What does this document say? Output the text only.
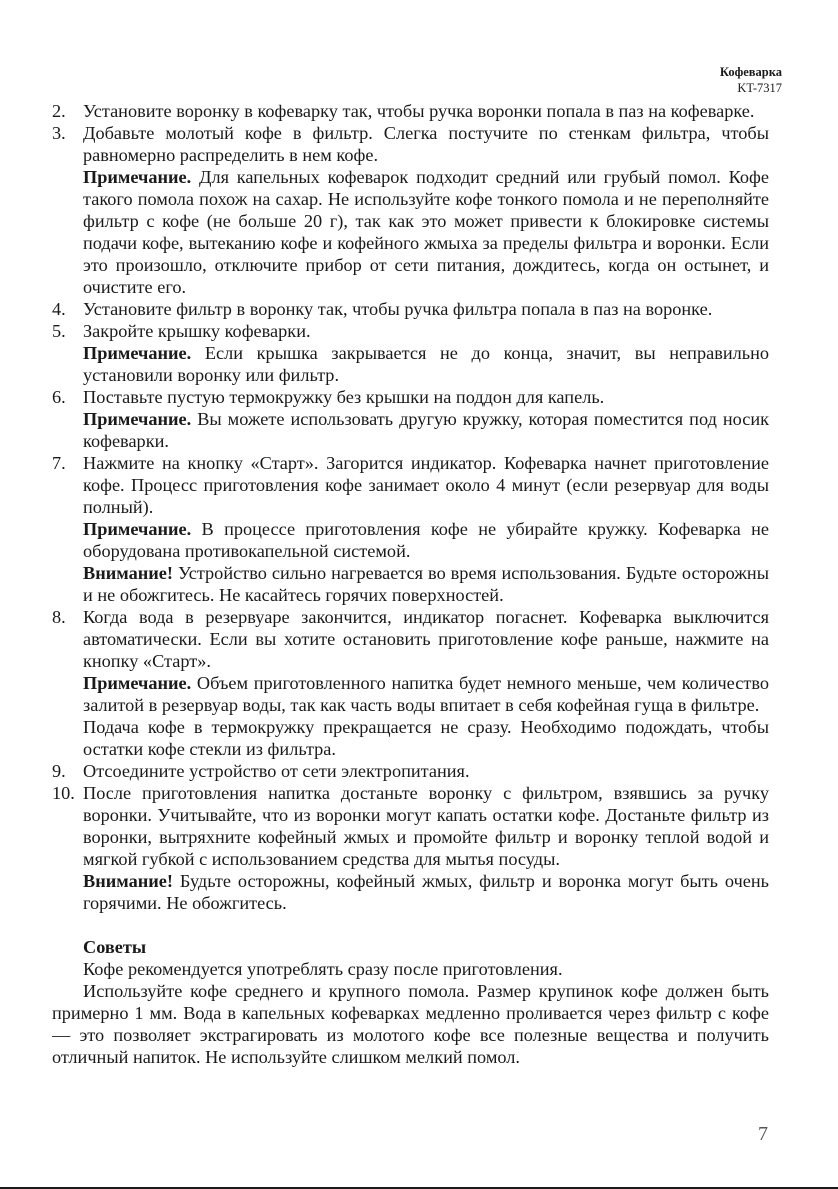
Кофеварка
KT-7317
2. Установите воронку в кофеварку так, чтобы ручка воронки попала в паз на кофеварке.

3. Добавьте молотый кофе в фильтр. Слегка постучите по стенкам фильтра, чтобы равномерно распределить в нем кофе.

Примечание. Для капельных кофеварок подходит средний или грубый помол. Кофе такого помола похож на сахар. Не используйте кофе тонкого помола и не переполняйте фильтр с кофе (не больше 20 г), так как это может привести к блокировке системы подачи кофе, вытеканию кофе и кофейного жмыха за пределы фильтра и воронки. Если это произошло, отключите прибор от сети питания, дождитесь, когда он остынет, и очистите его.

4. Установите фильтр в воронку так, чтобы ручка фильтра попала в паз на воронке.

5. Закройте крышку кофеварки.

Примечание. Если крышка закрывается не до конца, значит, вы неправильно установили воронку или фильтр.

6. Поставьте пустую термокружку без крышки на поддон для капель.

Примечание. Вы можете использовать другую кружку, которая поместится под носик кофеварки.

7. Нажмите на кнопку «Старт». Загорится индикатор. Кофеварка начнет приготовление кофе. Процесс приготовления кофе занимает около 4 минут (если резервуар для воды полный).

Примечание. В процессе приготовления кофе не убирайте кружку. Кофеварка не оборудована противокапельной системой.

Внимание! Устройство сильно нагревается во время использования. Будьте осторожны и не обожгитесь. Не касайтесь горячих поверхностей.

8. Когда вода в резервуаре закончится, индикатор погаснет. Кофеварка выключится автоматически. Если вы хотите остановить приготовление кофе раньше, нажмите на кнопку «Старт».

Примечание. Объем приготовленного напитка будет немного меньше, чем количество залитой в резервуар воды, так как часть воды впитает в себя кофейная гуща в фильтре.

Подача кофе в термокружку прекращается не сразу. Необходимо подождать, чтобы остатки кофе стекли из фильтра.

9. Отсоедините устройство от сети электропитания.

10. После приготовления напитка достаньте воронку с фильтром, взявшись за ручку воронки. Учитывайте, что из воронки могут капать остатки кофе. Достаньте фильтр из воронки, вытряхните кофейный жмых и промойте фильтр и воронку теплой водой и мягкой губкой с использованием средства для мытья посуды.

Внимание! Будьте осторожны, кофейный жмых, фильтр и воронка могут быть очень горячими. Не обожгитесь.

Советы

Кофе рекомендуется употреблять сразу после приготовления.

Используйте кофе среднего и крупного помола. Размер крупинок кофе должен быть примерно 1 мм. Вода в капельных кофеварках медленно проливается через фильтр с кофе — это позволяет экстрагировать из молотого кофе все полезные вещества и получить отличный напиток. Не используйте слишком мелкий помол.

7
